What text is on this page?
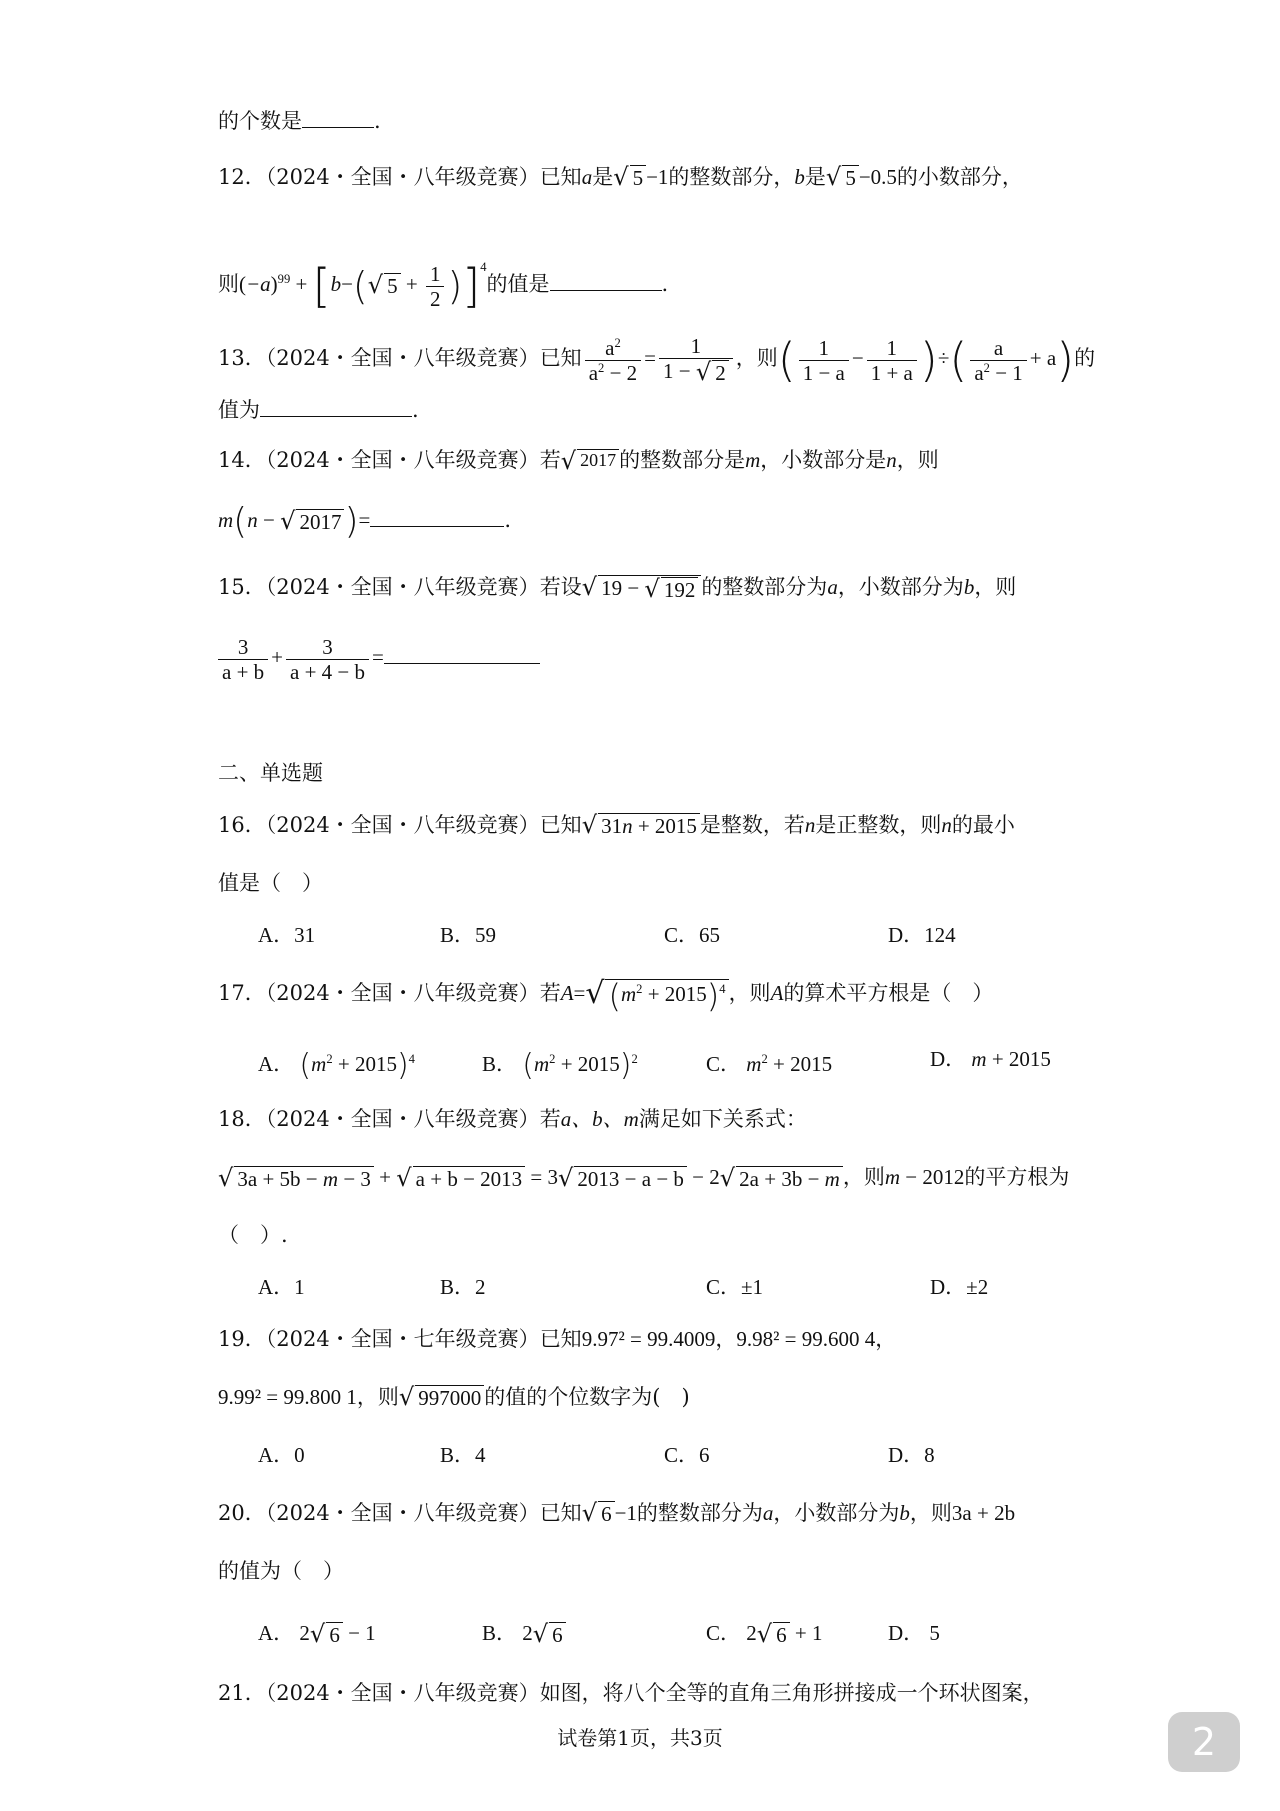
的个数是	.
12．（2024・全国・八年级竞赛）已知a是 √ 5 −1的整数部分，b是 √ 5 −0.5的小数部分，
则$(-a)^{99} + [b-$( √ $5 + \frac{1}{2} )]^4$的值是	.
13．（2024・全国・八年级竞赛）已知 $\frac{a^2}{a^2 - 2} = \frac{1}{1 - √ 2}$ ，则( $\frac{1}{1 - a} - \frac{1}{1 + a}$ )÷( $\frac{a}{a^2 - 1} + a$)的
值为	.
14．（2024・全国・八年级竞赛）若 √ 2017 的整数部分是m，小数部分是n，则
m(n − √ 2017 )=	.
15．（2024・全国・八年级竞赛）若设 √ 19 − √ 192 的整数部分为a，小数部分为b，则
$\frac{3}{a + b} + \frac{3}{a + 4 - b}$ =
二、单选题
16．（2024・全国・八年级竞赛）已知 √ 31n + 2015 是整数，若n是正整数，则n的最小
值是（　）
A．31	B．59	C．65	D．124
17．（2024・全国・八年级竞赛）若A= √ $(m^2 + 2015)^4$ ，则A的算术平方根是（　）
A． $(m^2 + 2015)^4$	B． $(m^2 + 2015)^2$	C． $m^2 + 2015$	D． m + 2015
18．（2024・全国・八年级竞赛）若a、b、m满足如下关系式：
√ 3a + 5b − m − 3 + √ a + b − 2013 = 3 √ 2013 − a − b − 2 √ 2a + 3b − m ，则m − 2012的平方根为
（　）.
A．1	B．2	C．±1	D．±2
19．（2024・全国・七年级竞赛）已知9.97² = 99.4009，9.98² = 99.600 4，
9.99² = 99.800 1，则 √ 997000 的值的个位数字为(　)
A．0	B．4	C．6	D．8
20．（2024・全国・八年级竞赛）已知 √ 6 −1的整数部分为a，小数部分为b，则3a + 2b
的值为（　）
A． 2 √ 6 − 1	B． 2 √ 6	C． 2 √ 6 + 1	D． 5
21．（2024・全国・八年级竞赛）如图，将八个全等的直角三角形拼接成一个环状图案，
试卷第1页，共3页	2
